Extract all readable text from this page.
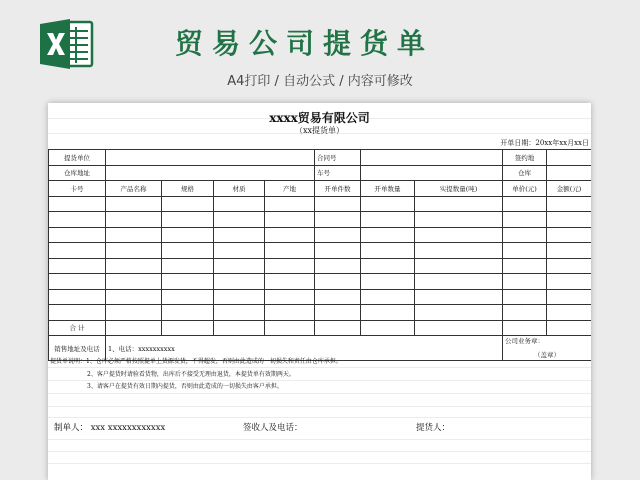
贸易公司提货单
A4打印 / 自动公式 / 内容可修改
xxxx贸易有限公司
（xx提货单）
开单日期：20xx年xx月xx日
提货单位					合同号			签约地	
仓库地址					车号			仓库	
卡号	产品名称	规格	材质	产地	开单件数	开单数量	实提数量(吨)	单价(元)	金额(元)

合 计									
销售地址及电话	1、电话：xxxxxxxxxx							公司业务章：
（盖章）	
提货单说明：1、仓库必须严格按照提单上货源发货，不得超发，否则由此造成的一切损失和责任由仓库承担。
2、客户提货时请验看货物，出库后不接受无理由退货，本提货单有效期两天。
3、请客户在提货有效日期内提货，否则由此造成的一切损失由客户承担。
制单人： xxx xxxxxxxxxxxx	签收人及电话：	提货人：
